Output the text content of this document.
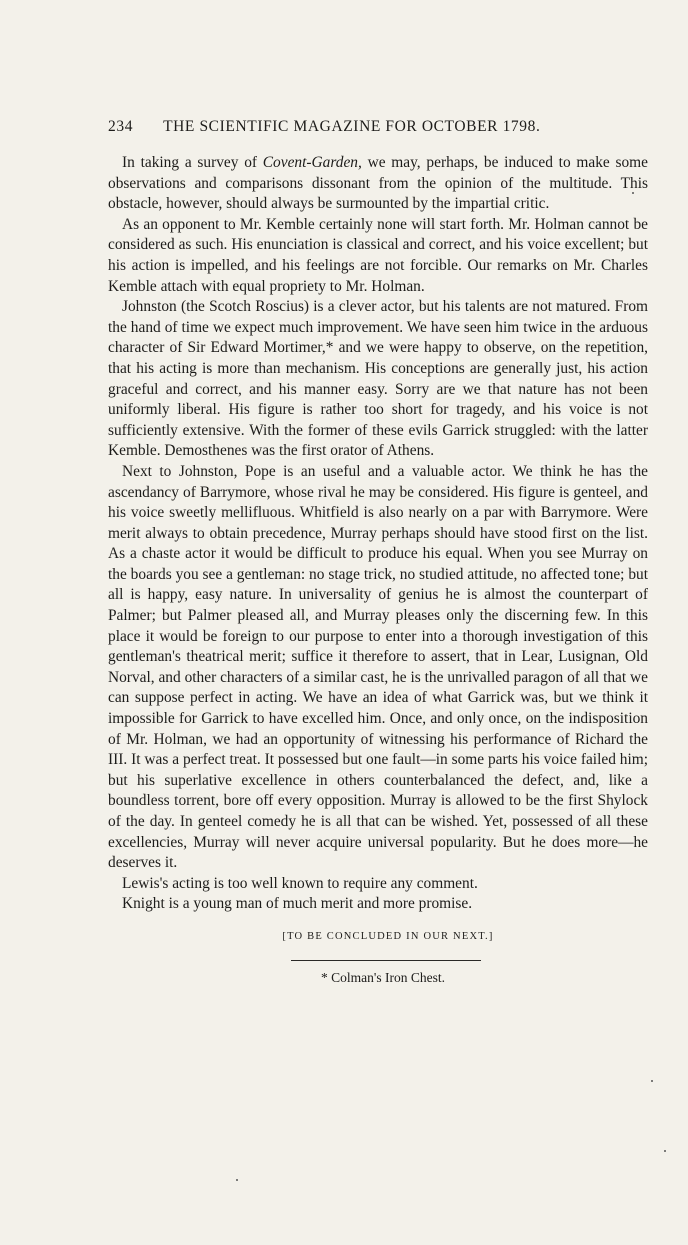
234 THE SCIENTIFIC MAGAZINE FOR OCTOBER 1798.

In taking a survey of Covent-Garden, we may, perhaps, be induced to make some observations and comparisons dissonant from the opinion of the multitude. This obstacle, however, should always be surmounted by the impartial critic.

As an opponent to Mr. Kemble certainly none will start forth. Mr. Holman cannot be considered as such. His enunciation is classical and correct, and his voice excellent; but his action is impelled, and his feelings are not forcible. Our remarks on Mr. Charles Kemble attach with equal propriety to Mr. Holman.

Johnston (the Scotch Roscius) is a clever actor, but his talents are not matured. From the hand of time we expect much improvement. We have seen him twice in the arduous character of Sir Edward Mortimer,* and we were happy to observe, on the repetition, that his acting is more than mechanism. His conceptions are generally just, his action graceful and correct, and his manner easy. Sorry are we that nature has not been uniformly liberal. His figure is rather too short for tragedy, and his voice is not sufficiently extensive. With the former of these evils Garrick struggled: with the latter Kemble. Demosthenes was the first orator of Athens.

Next to Johnston, Pope is an useful and a valuable actor. We think he has the ascendancy of Barrymore, whose rival he may be considered. His figure is genteel, and his voice sweetly mellifluous. Whitfield is also nearly on a par with Barrymore. Were merit always to obtain precedence, Murray perhaps should have stood first on the list. As a chaste actor it would be difficult to produce his equal. When you see Murray on the boards you see a gentleman: no stage trick, no studied attitude, no affected tone; but all is happy, easy nature. In universality of genius he is almost the counterpart of Palmer; but Palmer pleased all, and Murray pleases only the discerning few. In this place it would be foreign to our purpose to enter into a thorough investigation of this gentleman's theatrical merit; suffice it therefore to assert, that in Lear, Lusignan, Old Norval, and other characters of a similar cast, he is the unrivalled paragon of all that we can suppose perfect in acting. We have an idea of what Garrick was, but we think it impossible for Garrick to have excelled him. Once, and only once, on the indisposition of Mr. Holman, we had an opportunity of witnessing his performance of Richard the III. It was a perfect treat. It possessed but one fault—in some parts his voice failed him; but his superlative excellence in others counterbalanced the defect, and, like a boundless torrent, bore off every opposition. Murray is allowed to be the first Shylock of the day. In genteel comedy he is all that can be wished. Yet, possessed of all these excellencies, Murray will never acquire universal popularity. But he does more—he deserves it.

Lewis's acting is too well known to require any comment.

Knight is a young man of much merit and more promise.

[TO BE CONCLUDED IN OUR NEXT.]
* Colman's Iron Chest.
